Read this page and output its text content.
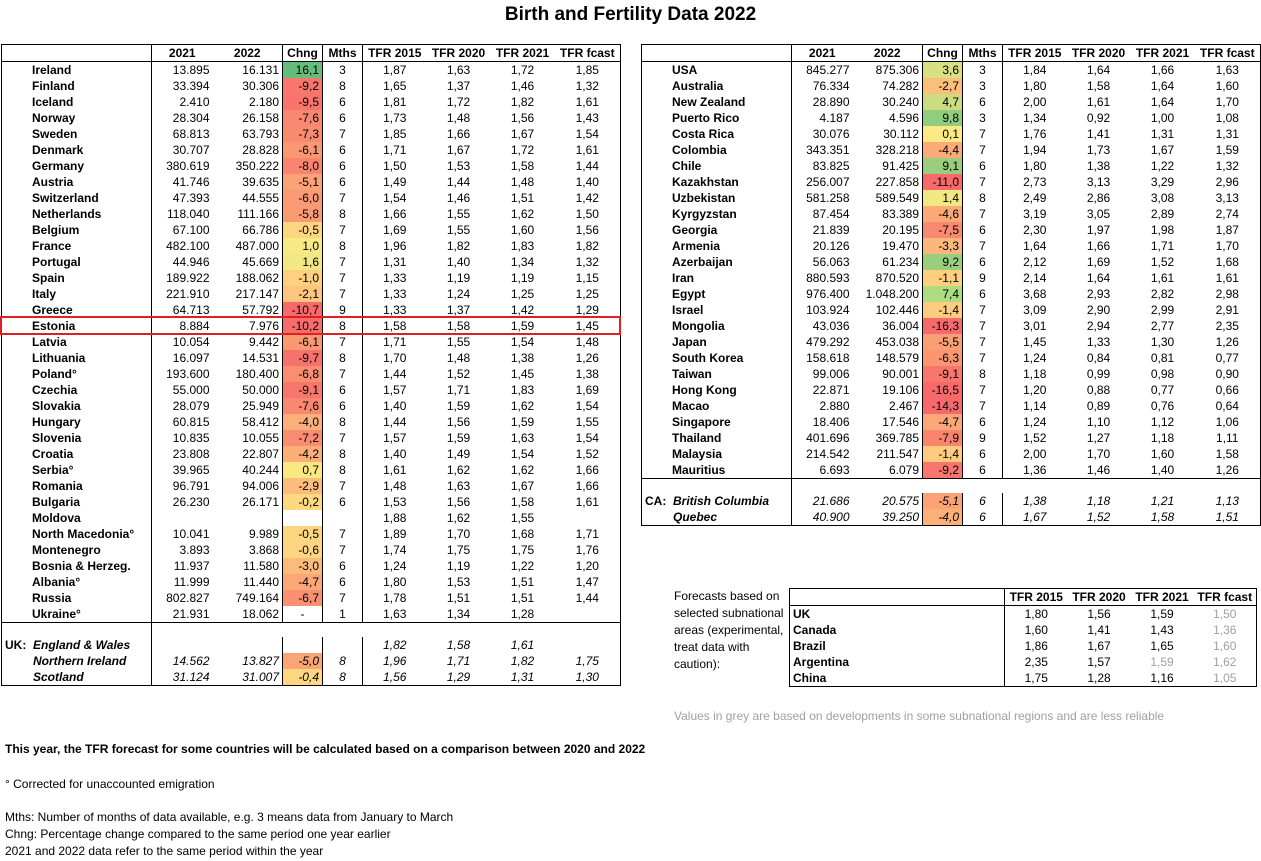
Birth and Fertility Data 2022
	2021	2022	Chng	Mths	TFR 2015	TFR 2020	TFR 2021	TFR fcast
Ireland	13.895	16.131	16,1	3	1,87	1,63	1,72	1,85
Finland	33.394	30.306	-9,2	8	1,65	1,37	1,46	1,32
Iceland	2.410	2.180	-9,5	6	1,81	1,72	1,82	1,61
Norway	28.304	26.158	-7,6	6	1,73	1,48	1,56	1,43
Sweden	68.813	63.793	-7,3	7	1,85	1,66	1,67	1,54
Denmark	30.707	28.828	-6,1	6	1,71	1,67	1,72	1,61
Germany	380.619	350.222	-8,0	6	1,50	1,53	1,58	1,44
Austria	41.746	39.635	-5,1	6	1,49	1,44	1,48	1,40
Switzerland	47.393	44.555	-6,0	7	1,54	1,46	1,51	1,42
Netherlands	118.040	111.166	-5,8	8	1,66	1,55	1,62	1,50
Belgium	67.100	66.786	-0,5	7	1,69	1,55	1,60	1,56
France	482.100	487.000	1,0	8	1,96	1,82	1,83	1,82
Portugal	44.946	45.669	1,6	7	1,31	1,40	1,34	1,32
Spain	189.922	188.062	-1,0	7	1,33	1,19	1,19	1,15
Italy	221.910	217.147	-2,1	7	1,33	1,24	1,25	1,25
Greece	64.713	57.792	-10,7	9	1,33	1,37	1,42	1,29
Estonia	8.884	7.976	-10,2	8	1,58	1,58	1,59	1,45
Latvia	10.054	9.442	-6,1	7	1,71	1,55	1,54	1,48
Lithuania	16.097	14.531	-9,7	8	1,70	1,48	1,38	1,26
Poland°	193.600	180.400	-6,8	7	1,44	1,52	1,45	1,38
Czechia	55.000	50.000	-9,1	6	1,57	1,71	1,83	1,69
Slovakia	28.079	25.949	-7,6	6	1,40	1,59	1,62	1,54
Hungary	60.815	58.412	-4,0	8	1,44	1,56	1,59	1,55
Slovenia	10.835	10.055	-7,2	7	1,57	1,59	1,63	1,54
Croatia	23.808	22.807	-4,2	8	1,40	1,49	1,54	1,52
Serbia°	39.965	40.244	0,7	8	1,61	1,62	1,62	1,66
Romania	96.791	94.006	-2,9	7	1,48	1,63	1,67	1,66
Bulgaria	26.230	26.171	-0,2	6	1,53	1,56	1,58	1,61
Moldova					1,88	1,62	1,55	
North Macedonia°	10.041	9.989	-0,5	7	1,89	1,70	1,68	1,71
Montenegro	3.893	3.868	-0,6	7	1,74	1,75	1,75	1,76
Bosnia & Herzeg.	11.937	11.580	-3,0	6	1,24	1,19	1,22	1,20
Albania°	11.999	11.440	-4,7	6	1,80	1,53	1,51	1,47
Russia	802.827	749.164	-6,7	7	1,78	1,51	1,51	1,44
Ukraine°	21.931	18.062	-	1	1,63	1,34	1,28	

UK: England & Wales					1,82	1,58	1,61	
Northern Ireland	14.562	13.827	-5,0	8	1,96	1,71	1,82	1,75
Scotland	31.124	31.007	-0,4	8	1,56	1,29	1,31	1,30
	2021	2022	Chng	Mths	TFR 2015	TFR 2020	TFR 2021	TFR fcast
USA	845.277	875.306	3,6	3	1,84	1,64	1,66	1,63
Australia	76.334	74.282	-2,7	3	1,80	1,58	1,64	1,60
New Zealand	28.890	30.240	4,7	6	2,00	1,61	1,64	1,70
Puerto Rico	4.187	4.596	9,8	3	1,34	0,92	1,00	1,08
Costa Rica	30.076	30.112	0,1	7	1,76	1,41	1,31	1,31
Colombia	343.351	328.218	-4,4	7	1,94	1,73	1,67	1,59
Chile	83.825	91.425	9,1	6	1,80	1,38	1,22	1,32
Kazakhstan	256.007	227.858	-11,0	7	2,73	3,13	3,29	2,96
Uzbekistan	581.258	589.549	1,4	8	2,49	2,86	3,08	3,13
Kyrgyzstan	87.454	83.389	-4,6	7	3,19	3,05	2,89	2,74
Georgia	21.839	20.195	-7,5	6	2,30	1,97	1,98	1,87
Armenia	20.126	19.470	-3,3	7	1,64	1,66	1,71	1,70
Azerbaijan	56.063	61.234	9,2	6	2,12	1,69	1,52	1,68
Iran	880.593	870.520	-1,1	9	2,14	1,64	1,61	1,61
Egypt	976.400	1.048.200	7,4	6	3,68	2,93	2,82	2,98
Israel	103.924	102.446	-1,4	7	3,09	2,90	2,99	2,91
Mongolia	43.036	36.004	-16,3	7	3,01	2,94	2,77	2,35
Japan	479.292	453.038	-5,5	7	1,45	1,33	1,30	1,26
South Korea	158.618	148.579	-6,3	7	1,24	0,84	0,81	0,77
Taiwan	99.006	90.001	-9,1	8	1,18	0,99	0,98	0,90
Hong Kong	22.871	19.106	-16,5	7	1,20	0,88	0,77	0,66
Macao	2.880	2.467	-14,3	7	1,14	0,89	0,76	0,64
Singapore	18.406	17.546	-4,7	6	1,24	1,10	1,12	1,06
Thailand	401.696	369.785	-7,9	9	1,52	1,27	1,18	1,11
Malaysia	214.542	211.547	-1,4	6	2,00	1,70	1,60	1,58
Mauritius	6.693	6.079	-9,2	6	1,36	1,46	1,40	1,26

CA: British Columbia	21.686	20.575	-5,1	6	1,38	1,18	1,21	1,13
Quebec	40.900	39.250	-4,0	6	1,67	1,52	1,58	1,51
Forecasts based on selected subnational areas (experimental, treat data with caution):
	TFR 2015	TFR 2020	TFR 2021	TFR fcast
UK	1,80	1,56	1,59	1,50
Canada	1,60	1,41	1,43	1,36
Brazil	1,86	1,67	1,65	1,60
Argentina	2,35	1,57	1,59	1,62
China	1,75	1,28	1,16	1,05
Values in grey are based on developments in some subnational regions and are less reliable
This year, the TFR forecast for some countries will be calculated based on a comparison between 2020 and 2022
° Corrected for unaccounted emigration
Mths: Number of months of data available, e.g. 3 means data from January to March
Chng: Percentage change compared to the same period one year earlier
2021 and 2022 data refer to the same period within the year
